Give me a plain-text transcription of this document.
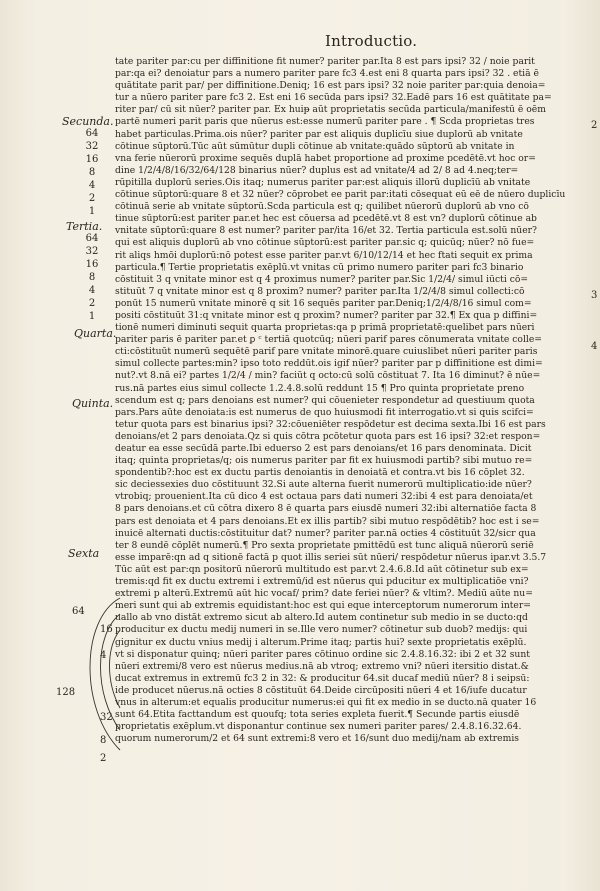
Introductio.
tate pariter par:cu per diffinitione fit numer? pariter par.Ita 8 est pars ipsi? 32 / noie parit
par:qa ei? denoiatur pars a numero pariter pare fc3 4.est eni 8 quarta pars ipsi? 32 . etiā ē
quātitate parit par/ per diffinitione.Deniq; 16 est pars ipsi? 32 noie pariter par:quia denoia=
tur a nūero pariter pare fc3 2. Est eni 16 secūda pars ipsi? 32.Eadē pars 16 est quātitate pa=
riter par/ cū sit nūer? pariter par. Ex huiᵽ aūt proprietatis secūda particula/manifestū ē oēm
partē numeri parit paris que nūerus est:esse numerū pariter pare . ¶ Scda proprietas tres
habet particulas.Prima.ois nūer? pariter par est aliquis duplicīu siue duplorū ab vnitate
cōtinue sūptorū.Tūc aūt sūmūtur dupli cōtinue ab vnitate:quādo sūptorū ab vnitate in
vna ferie nūerorū proxime sequēs duplā habet proportione ad proxime pcedētē.vt hoc or=
dine 1/2/4/8/16/32/64/128 binarius nūer? duplus est ad vnitate/4 ad 2/ 8 ad 4.neq;ter=
rūpitilla duplorū series.Ois itaq; numerus pariter par:est aliquis illorū duplicīū ab vnitate
cōtinue sūptorū:quare 8 et 32 nūer? cōprobet ee parit par:itati cōsequat eū eē de nūero duplicīu
cōtinuā serie ab vnitate sūptorū.Scda particula est q; quilibet nūerorū duplorū ab vno cō
tinue sūptorū:est pariter par.et hec est cōuersa ad pcedētē.vt 8 est vn? duplorū cōtinue ab
vnitate sūptorū:quare 8 est numer? pariter par/ita 16/et 32. Tertia particula est.solū nūer?
qui est aliquis duplorū ab vno cōtinue sūptorū:est pariter par.sic q; quicūq; nūer? nō fue=
rit aliqs hmōi duplorū:nō potest esse pariter par.vt 6/10/12/14 et hec ftati sequit ex prima
particula.¶ Tertie proprietatis exēplū.vt vnitas cū primo numero pariter pari fc3 binario
cōstituit 3 q vnitate minor est q 4 proximus numer? pariter par.Sic 1/2/4/ simul iūcti cō=
stituūt 7 q vnitate minor est q 8 proxim? numer? pariter par.Ita 1/2/4/8 simul collecti:cō
ponūt 15 numerū vnitate minorē q sit 16 sequēs pariter par.Deniq;1/2/4/8/16 simul com=
positi cōstituūt 31:q vnitate minor est q proxim? numer? pariter par 32.¶ Ex qua p diffini=
tionē numeri diminuti sequit quarta proprietas:qa p primā proprietatē:quelibet pars nūeri
pariter paris ē pariter par.et ꝑ ᶜ tertiā quotcūq; nūeri parif pares cōnumerata vnitate colle=
cti:cōstituūt numerū sequētē parif pare vnitate minorē.quare cuiuslibet nūeri pariter paris
simul collecte partes:min? ipso toto reddūt.ois igif nūer? pariter par p diffinitione est dimi=
nut?.vt 8.nā ei? partes 1/2/4 / min? faciūt q octo:cū solū cōstituat 7. Ita 16 diminut? ē nūe=
rus.nā partes eius simul collecte 1.2.4.8.solū reddunt 15 ¶ Pro quinta proprietate preno
scendum est q; pars denoians est numer? qui cōuenieter respondetur ad questiuum quota
pars.Pars aūte denoiata:is est numerus de quo huiusmodi fit interrogatio.vt si quis scifci=
tetur quota pars est binarius ipsi? 32:cōueniēter respōdetur est decima sexta.Ibi 16 est pars
denoians/et 2 pars denoiata.Qz si quis cōtra pcōtetur quota pars est 16 ipsi? 32:et respon=
deatur ea esse secūdā parte.Ibi eduerso 2 est pars denoians/et 16 pars denominata. Dicit
itaq; quinta proprietas/q; ois numerus pariter par fit ex huiusmodi partib? sibi mutuo re=
spondentib?:hoc est ex ductu partis denoiantis in denoiatā et contra.vt bis 16 cōplet 32.
sic deciessexies duo cōstituunt 32.Si aute alterna fuerit numerorū multiplicatio:ide nūer?
vtrobiq; prouenient.Ita cū dico 4 est octaua pars dati numeri 32:ibi 4 est para denoiata/et
8 pars denoians.et cū cōtra dixero 8 ē quarta pars eiusdē numeri 32:ibi alternatiōe facta 8
pars est denoiata et 4 pars denoians.Et ex illis partib? sibi mutuo respōdētib? hoc est i se=
inuicē alternati ductis:cōstituitur dat? numer? pariter par.nā octies 4 cōstituūt 32/sicr qua
ter 8 eundē cōplēt numerū.¶ Pro sexta proprietate pmittēdū est tunc aliquā nūerorū seriē
esse imparē:qn ad q sitionē factā p quot illis seriei sūt nūeri/ respōdetur nūerus ipar.vt 3.5.7
Tūc aūt est par:qn positorū nūerorū multitudo est par.vt 2.4.6.8.Id aūt cōtinetur sub ex=
tremis:qd fit ex ductu extremi i extremū/id est nūerus qui pducitur ex multiplicatiōe vni?
extremi p alterū.Extremū aūt hic vocaf/ prim? date feriei nūer? & vltim?. Mediū aūte nu=
meri sunt qui ab extremis equidistant:hoc est qui eque interceptorum numerorum inter=
uallo ab vno distāt extremo sicut ab altero.Id autem continetur sub medio in se ducto:qd
producitur ex ductu medij numeri in se.Ille vero numer? cōtinetur sub duob? medijs: qui
gignitur ex ductu vnius medij i alterum.Prime itaq; partis hui? sexte proprietatis exēplū.
vt si disponatur quinq; nūeri pariter pares cōtinuo ordine sic 2.4.8.16.32: ibi 2 et 32 sunt
nūeri extremi/8 vero est nūerus medius.nā ab vtroq; extremo vni? nūeri itersitio distat.&
ducat extremus in extremū fc3 2 in 32: & producitur 64.sit ducaf mediū nūer? 8 i seipsū:
ide producet nūerus.nā octies 8 cōstituūt 64.Deide circūpositi nūeri 4 et 16/iufe ducatur
vnus in alterum:et equalis producitur numerus:ei qui fit ex medio in se ducto.nā quater 16
sunt 64.Etita facttandum est quoufq; tota series expleta fuerit.¶ Secunde partis eiusdē
proprietatis exēplum.vt disponantur continue sex numeri pariter pares/ 2.4.8.16.32.64.
quorum numerorum/2 et 64 sunt extremi:8 vero et 16/sunt duo medij/nam ab extremis
Secunda.
64
32
16
8
4
2
1
Tertia.
64
32
16
8
4
2
1
Quarta.
Quinta.
Sexta
2
3
4
64
16
4
128
32
8
2
